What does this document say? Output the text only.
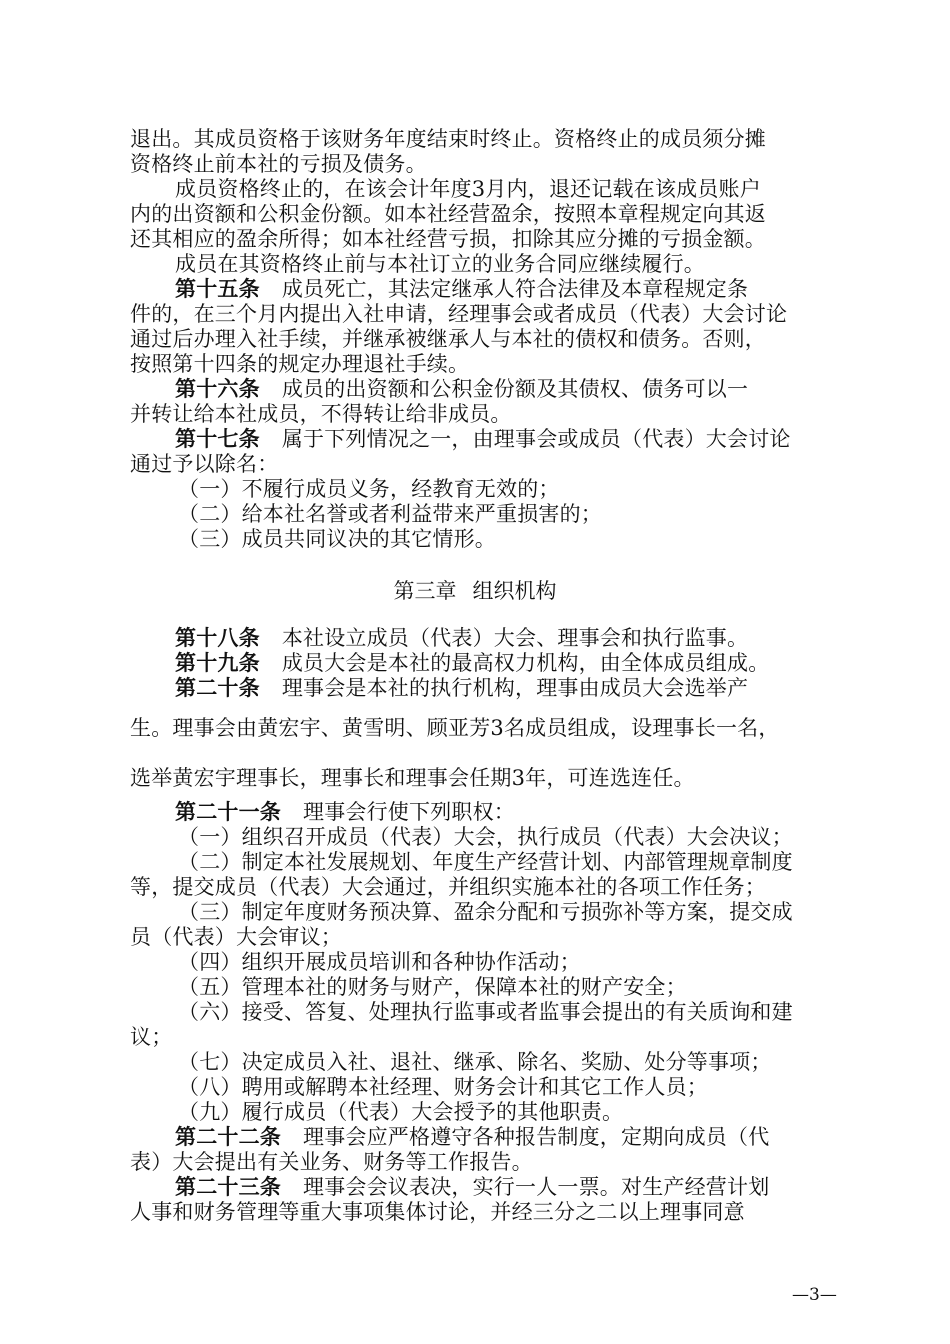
退出。其成员资格于该财务年度结束时终止。资格终止的成员须分摊
资格终止前本社的亏损及债务。
成员资格终止的，在该会计年度3月内，退还记载在该成员账户
内的出资额和公积金份额。如本社经营盈余，按照本章程规定向其返
还其相应的盈余所得；如本社经营亏损，扣除其应分摊的亏损金额。
成员在其资格终止前与本社订立的业务合同应继续履行。
第十五条 成员死亡，其法定继承人符合法律及本章程规定条
件的，在三个月内提出入社申请，经理事会或者成员（代表）大会讨论
通过后办理入社手续，并继承被继承人与本社的债权和债务。否则，
按照第十四条的规定办理退社手续。
第十六条 成员的出资额和公积金份额及其债权、债务可以一
并转让给本社成员，不得转让给非成员。
第十七条 属于下列情况之一，由理事会或成员（代表）大会讨论
通过予以除名：
（一）不履行成员义务，经教育无效的；
（二）给本社名誉或者利益带来严重损害的；
（三）成员共同议决的其它情形。
第三章 组织机构
第十八条 本社设立成员（代表）大会、理事会和执行监事。
第十九条 成员大会是本社的最高权力机构，由全体成员组成。
第二十条 理事会是本社的执行机构，理事由成员大会选举产
生。理事会由黄宏宇、黄雪明、顾亚芳3名成员组成，设理事长一名，
选举黄宏宇理事长，理事长和理事会任期3年，可连选连任。
第二十一条 理事会行使下列职权：
（一）组织召开成员（代表）大会，执行成员（代表）大会决议；
（二）制定本社发展规划、年度生产经营计划、内部管理规章制度
等，提交成员（代表）大会通过，并组织实施本社的各项工作任务；
（三）制定年度财务预决算、盈余分配和亏损弥补等方案，提交成
员（代表）大会审议；
（四）组织开展成员培训和各种协作活动；
（五）管理本社的财务与财产，保障本社的财产安全；
（六）接受、答复、处理执行监事或者监事会提出的有关质询和建
议；
（七）决定成员入社、退社、继承、除名、奖励、处分等事项；
（八）聘用或解聘本社经理、财务会计和其它工作人员；
（九）履行成员（代表）大会授予的其他职责。
第二十二条 理事会应严格遵守各种报告制度，定期向成员（代
表）大会提出有关业务、财务等工作报告。
第二十三条 理事会会议表决，实行一人一票。对生产经营计划
人事和财务管理等重大事项集体讨论，并经三分之二以上理事同意
—3—
